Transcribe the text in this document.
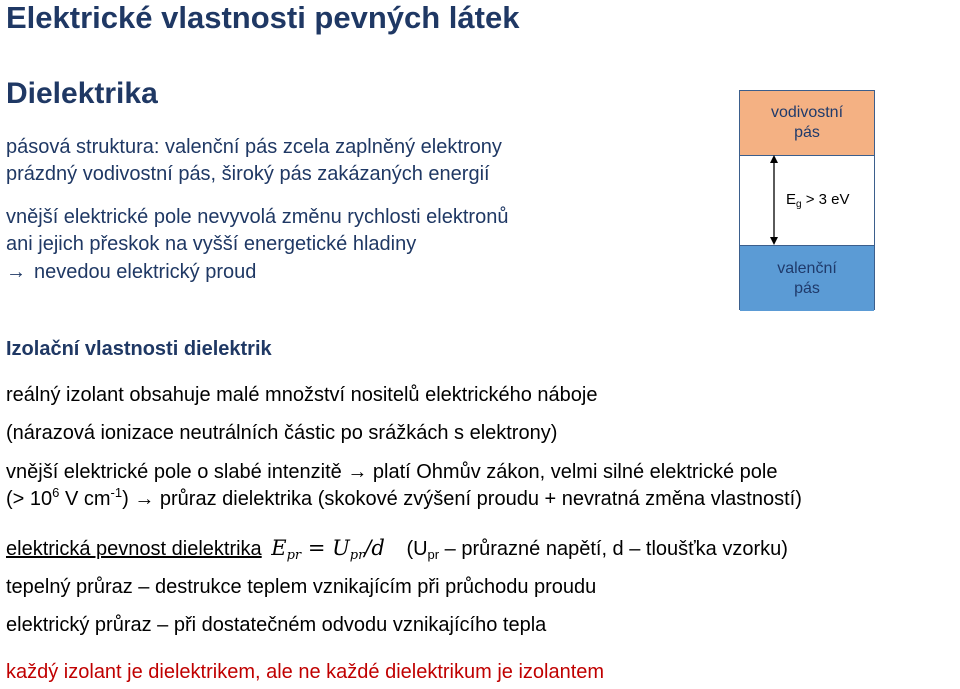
Elektrické vlastnosti pevných látek
Dielektrika
pásová struktura: valenční pás zcela zaplněný elektrony
prázdný vodivostní pás, široký pás zakázaných energií
vnější elektrické pole nevyvolá změnu rychlosti elektronů
ani jejich přeskok na vyšší energetické hladiny
→ nevedou elektrický proud
vodivostní pás
$E_g > 3$ eV
valenční pás
Izolační vlastnosti dielektrik
reálný izolant obsahuje malé množství nositelů elektrického náboje
(nárazová ionizace neutrálních částic po srážkách s elektrony)
vnější elektrické pole o slabé intenzitě → platí Ohmův zákon, velmi silné elektrické pole
(> $10^6$ V $cm^{-1}$) → průraz dielektrika (skokové zvýšení proudu + nevratná změna vlastností)
elektrická pevnost dielektrika $E_{pr} = U_{pr}/d$ ($U_{pr}$ – průrazné napětí, d – tloušťka vzorku)
tepelný průraz – destrukce teplem vznikajícím při průchodu proudu
elektrický průraz – při dostatečném odvodu vznikajícího tepla
každý izolant je dielektrikem, ale ne každé dielektrikum je izolantem
